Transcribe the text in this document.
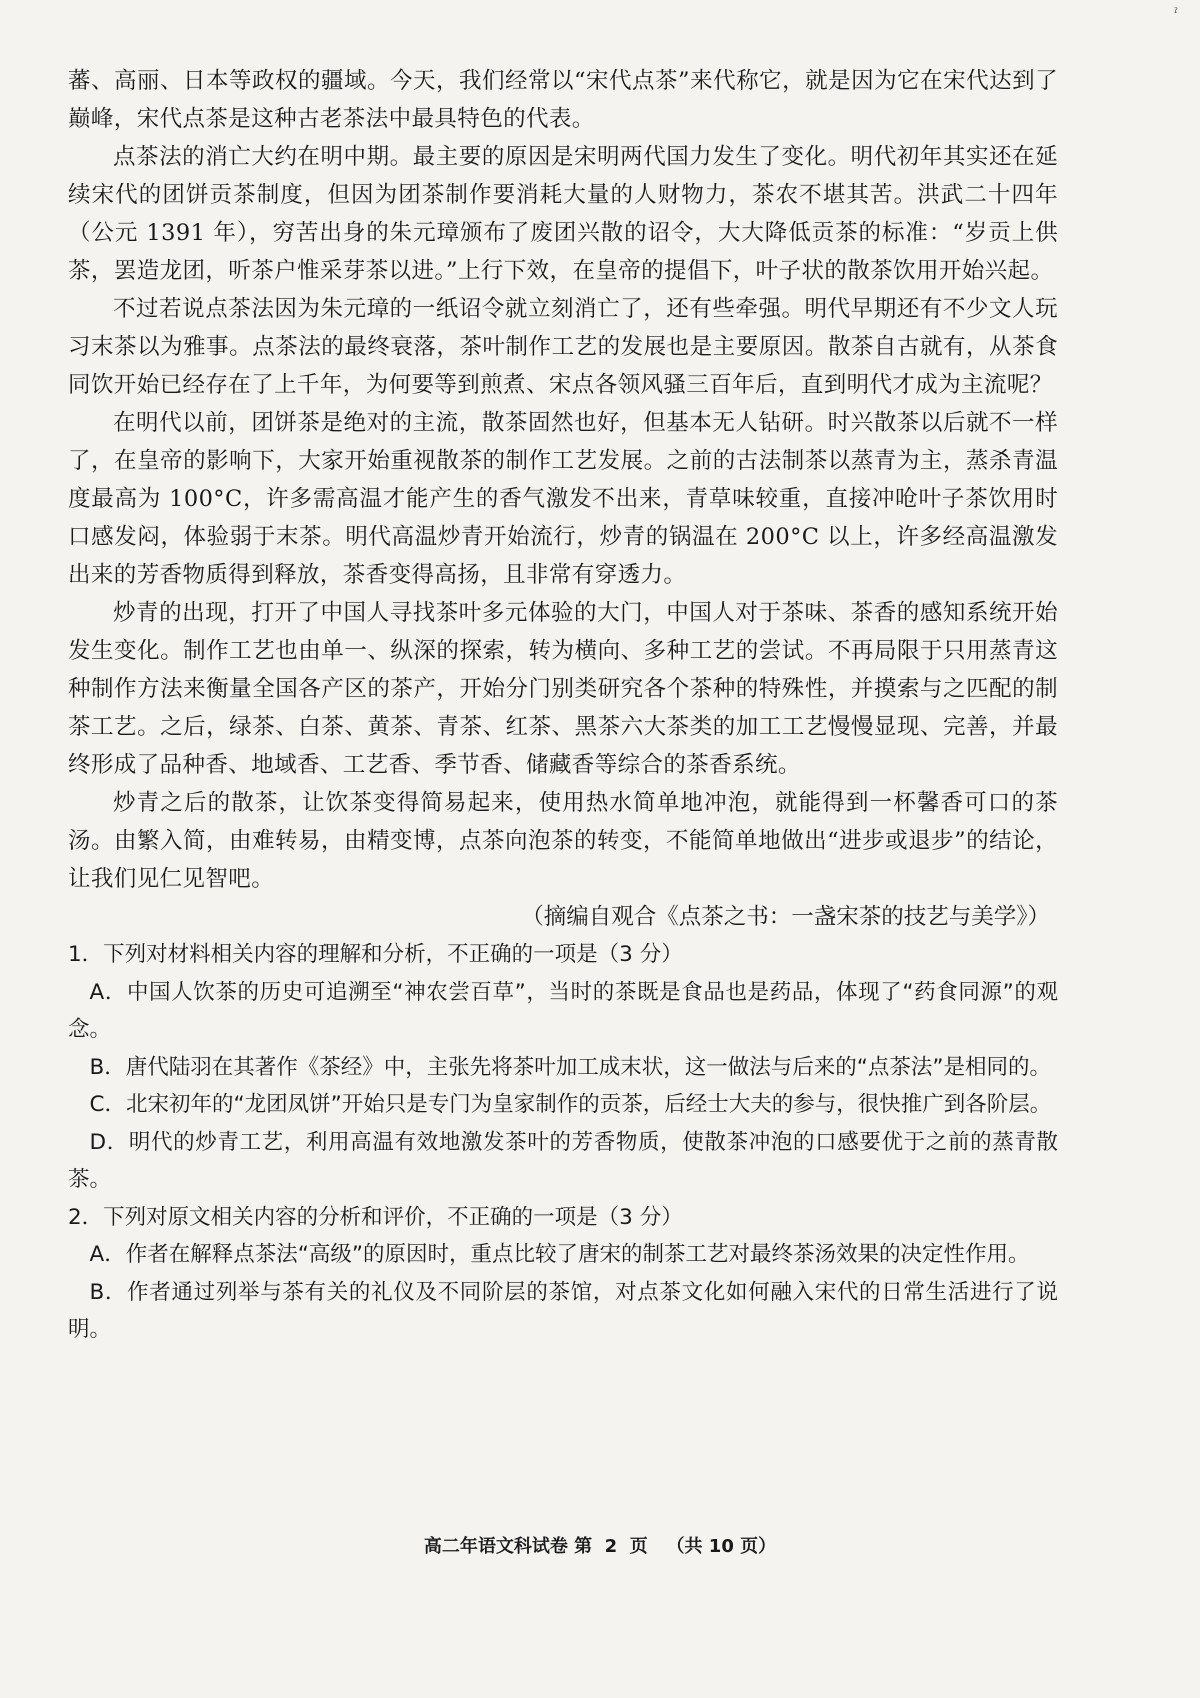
ˀ

蕃、高丽、日本等政权的疆域。今天，我们经常以“宋代点茶”来代称它，就是因为它在宋代达到了巅峰，宋代点茶是这种古老茶法中最具特色的代表。

点茶法的消亡大约在明中期。最主要的原因是宋明两代国力发生了变化。明代初年其实还在延续宋代的团饼贡茶制度，但因为团茶制作要消耗大量的人财物力，茶农不堪其苦。洪武二十四年（公元 1391 年），穷苦出身的朱元璋颁布了废团兴散的诏令，大大降低贡茶的标准：“岁贡上供茶，罢造龙团，听茶户惟采芽茶以进。”上行下效，在皇帝的提倡下，叶子状的散茶饮用开始兴起。

不过若说点茶法因为朱元璋的一纸诏令就立刻消亡了，还有些牵强。明代早期还有不少文人玩习末茶以为雅事。点茶法的最终衰落，茶叶制作工艺的发展也是主要原因。散茶自古就有，从茶食同饮开始已经存在了上千年，为何要等到煎煮、宋点各领风骚三百年后，直到明代才成为主流呢？

在明代以前，团饼茶是绝对的主流，散茶固然也好，但基本无人钻研。时兴散茶以后就不一样了，在皇帝的影响下，大家开始重视散茶的制作工艺发展。之前的古法制茶以蒸青为主，蒸杀青温度最高为 100°C，许多需高温才能产生的香气激发不出来，青草味较重，直接冲呛叶子茶饮用时口感发闷，体验弱于末茶。明代高温炒青开始流行，炒青的锅温在 200°C 以上，许多经高温激发出来的芳香物质得到释放，茶香变得高扬，且非常有穿透力。

炒青的出现，打开了中国人寻找茶叶多元体验的大门，中国人对于茶味、茶香的感知系统开始发生变化。制作工艺也由单一、纵深的探索，转为横向、多种工艺的尝试。不再局限于只用蒸青这种制作方法来衡量全国各产区的茶产，开始分门别类研究各个茶种的特殊性，并摸索与之匹配的制茶工艺。之后，绿茶、白茶、黄茶、青茶、红茶、黑茶六大茶类的加工工艺慢慢显现、完善，并最终形成了品种香、地域香、工艺香、季节香、储藏香等综合的茶香系统。

炒青之后的散茶，让饮茶变得简易起来，使用热水简单地冲泡，就能得到一杯馨香可口的茶汤。由繁入简，由难转易，由精变博，点茶向泡茶的转变，不能简单地做出“进步或退步”的结论，让我们见仁见智吧。

（摘编自观合《点茶之书：一盏宋茶的技艺与美学》）

1．下列对材料相关内容的理解和分析，不正确的一项是（3 分）

A．中国人饮茶的历史可追溯至“神农尝百草”，当时的茶既是食品也是药品，体现了“药食同源”的观念。

B．唐代陆羽在其著作《茶经》中，主张先将茶叶加工成末状，这一做法与后来的“点茶法”是相同的。

C．北宋初年的“龙团凤饼”开始只是专门为皇家制作的贡茶，后经士大夫的参与，很快推广到各阶层。

D．明代的炒青工艺，利用高温有效地激发茶叶的芳香物质，使散茶冲泡的口感要优于之前的蒸青散茶。

2．下列对原文相关内容的分析和评价，不正确的一项是（3 分）

A．作者在解释点茶法“高级”的原因时，重点比较了唐宋的制茶工艺对最终茶汤效果的决定性作用。

B．作者通过列举与茶有关的礼仪及不同阶层的茶馆，对点茶文化如何融入宋代的日常生活进行了说明。

高二年语文科试卷 第  2  页   （共 10 页）
